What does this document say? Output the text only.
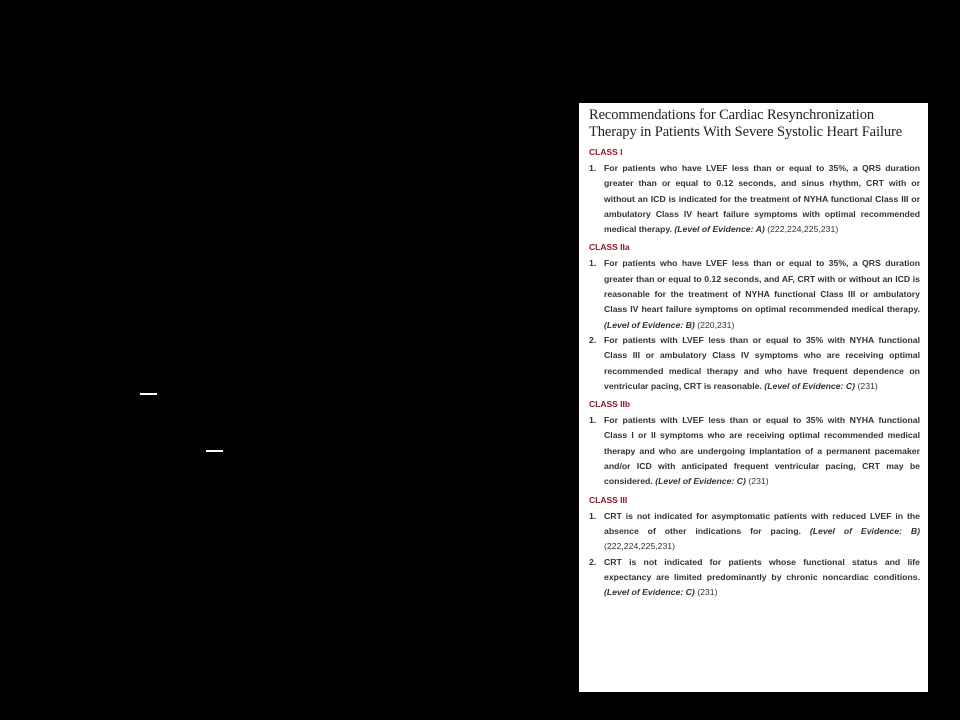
Recommendations for Cardiac Resynchronization Therapy in Patients With Severe Systolic Heart Failure
CLASS I
1. For patients who have LVEF less than or equal to 35%, a QRS duration greater than or equal to 0.12 seconds, and sinus rhythm, CRT with or without an ICD is indicated for the treatment of NYHA functional Class III or ambulatory Class IV heart failure symptoms with optimal recommended medical therapy. (Level of Evidence: A) (222,224,225,231)
CLASS IIa
1. For patients who have LVEF less than or equal to 35%, a QRS duration greater than or equal to 0.12 seconds, and AF, CRT with or without an ICD is reasonable for the treatment of NYHA functional Class III or ambulatory Class IV heart failure symptoms on optimal recommended medical therapy. (Level of Evidence: B) (220,231)
2. For patients with LVEF less than or equal to 35% with NYHA functional Class III or ambulatory Class IV symptoms who are receiving optimal recommended medical therapy and who have frequent dependence on ventricular pacing, CRT is reasonable. (Level of Evidence: C) (231)
CLASS IIb
1. For patients with LVEF less than or equal to 35% with NYHA functional Class I or II symptoms who are receiving optimal recommended medical therapy and who are undergoing implantation of a permanent pacemaker and/or ICD with anticipated frequent ventricular pacing, CRT may be considered. (Level of Evidence: C) (231)
CLASS III
1. CRT is not indicated for asymptomatic patients with reduced LVEF in the absence of other indications for pacing. (Level of Evidence: B) (222,224,225,231)
2. CRT is not indicated for patients whose functional status and life expectancy are limited predominantly by chronic noncardiac conditions. (Level of Evidence: C) (231)
